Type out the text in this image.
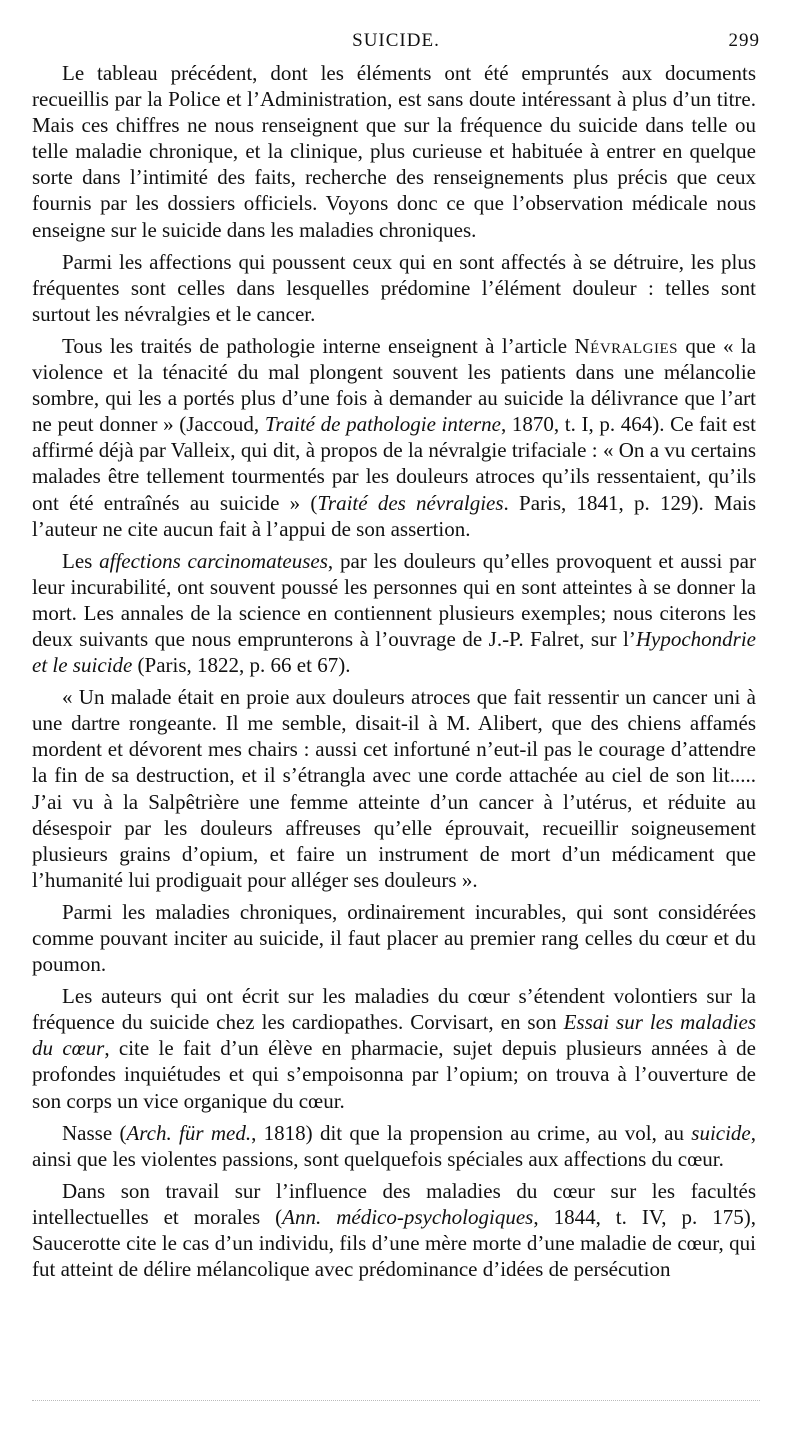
SUICIDE.	299

Le tableau précédent, dont les éléments ont été empruntés aux documents recueillis par la Police et l’Administration, est sans doute intéressant à plus d’un titre. Mais ces chiffres ne nous renseignent que sur la fréquence du suicide dans telle ou telle maladie chronique, et la clinique, plus curieuse et habituée à entrer en quelque sorte dans l’intimité des faits, recherche des renseignements plus précis que ceux fournis par les dossiers officiels. Voyons donc ce que l’observation médicale nous enseigne sur le suicide dans les maladies chroniques.

Parmi les affections qui poussent ceux qui en sont affectés à se détruire, les plus fréquentes sont celles dans lesquelles prédomine l’élément douleur : telles sont surtout les névralgies et le cancer.

Tous les traités de pathologie interne enseignent à l’article Névralgies que « la violence et la ténacité du mal plongent souvent les patients dans une mélancolie sombre, qui les a portés plus d’une fois à demander au suicide la délivrance que l’art ne peut donner » (Jaccoud, Traité de pathologie interne, 1870, t. I, p. 464). Ce fait est affirmé déjà par Valleix, qui dit, à propos de la névralgie trifaciale : « On a vu certains malades être tellement tourmentés par les douleurs atroces qu’ils ressentaient, qu’ils ont été entraînés au suicide » (Traité des névralgies. Paris, 1841, p. 129). Mais l’auteur ne cite aucun fait à l’appui de son assertion.

Les affections carcinomateuses, par les douleurs qu’elles provoquent et aussi par leur incurabilité, ont souvent poussé les personnes qui en sont atteintes à se donner la mort. Les annales de la science en contiennent plusieurs exemples; nous citerons les deux suivants que nous emprunterons à l’ouvrage de J.-P. Falret, sur l’Hypochondrie et le suicide (Paris, 1822, p. 66 et 67).

« Un malade était en proie aux douleurs atroces que fait ressentir un cancer uni à une dartre rongeante. Il me semble, disait-il à M. Alibert, que des chiens affamés mordent et dévorent mes chairs : aussi cet infortuné n’eut-il pas le courage d’attendre la fin de sa destruction, et il s’étrangla avec une corde attachée au ciel de son lit..... J’ai vu à la Salpêtrière une femme atteinte d’un cancer à l’utérus, et réduite au désespoir par les douleurs affreuses qu’elle éprouvait, recueillir soigneusement plusieurs grains d’opium, et faire un instrument de mort d’un médicament que l’humanité lui prodiguait pour alléger ses douleurs ».

Parmi les maladies chroniques, ordinairement incurables, qui sont considérées comme pouvant inciter au suicide, il faut placer au premier rang celles du cœur et du poumon.

Les auteurs qui ont écrit sur les maladies du cœur s’étendent volontiers sur la fréquence du suicide chez les cardiopathes. Corvisart, en son Essai sur les maladies du cœur, cite le fait d’un élève en pharmacie, sujet depuis plusieurs années à de profondes inquiétudes et qui s’empoisonna par l’opium; on trouva à l’ouverture de son corps un vice organique du cœur.

Nasse (Arch. für med., 1818) dit que la propension au crime, au vol, au suicide, ainsi que les violentes passions, sont quelquefois spéciales aux affections du cœur.

Dans son travail sur l’influence des maladies du cœur sur les facultés intellectuelles et morales (Ann. médico-psychologiques, 1844, t. IV, p. 175), Saucerotte cite le cas d’un individu, fils d’une mère morte d’une maladie de cœur, qui fut atteint de délire mélancolique avec prédominance d’idées de persécution
